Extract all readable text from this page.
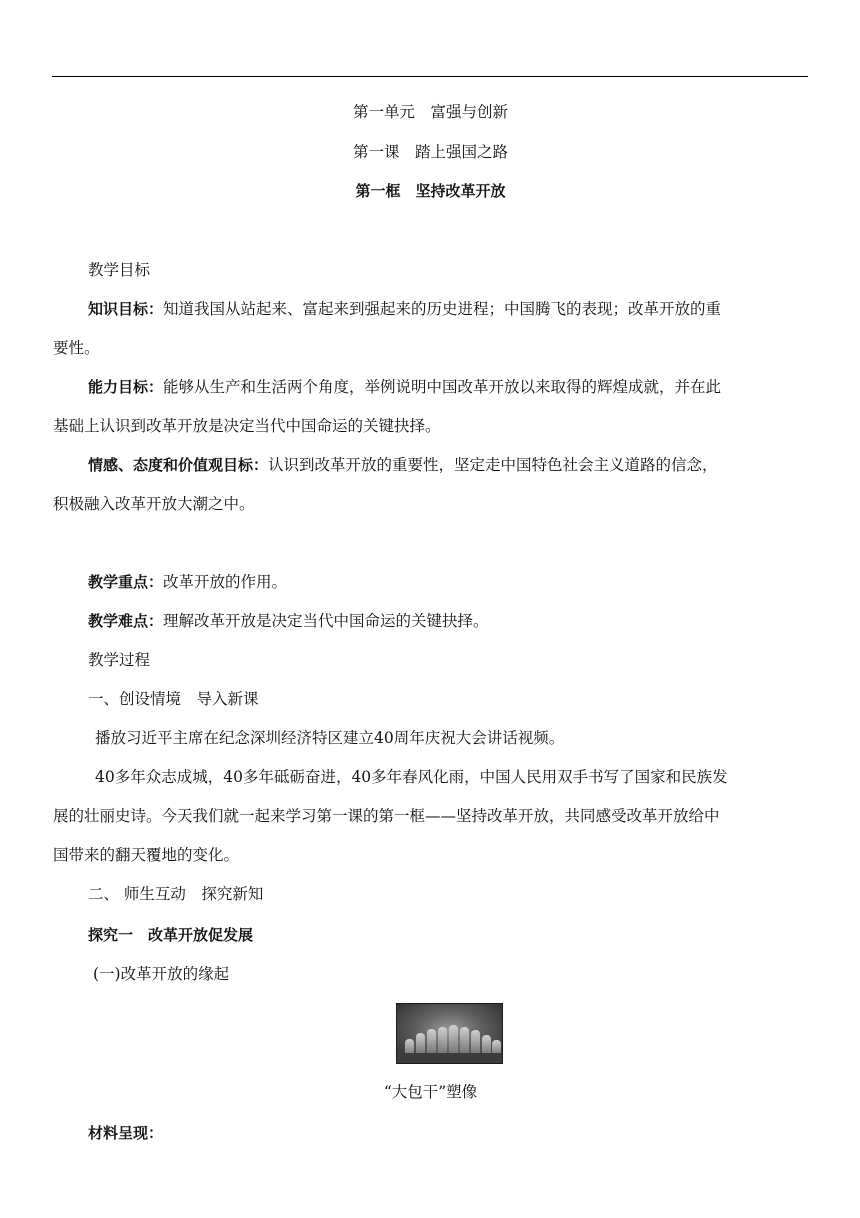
第一单元　富强与创新
第一课　踏上强国之路
第一框　坚持改革开放
教学目标
知识目标：知道我国从站起来、富起来到强起来的历史进程；中国腾飞的表现；改革开放的重
要性。
能力目标：能够从生产和生活两个角度，举例说明中国改革开放以来取得的辉煌成就，并在此
基础上认识到改革开放是决定当代中国命运的关键抉择。
情感、态度和价值观目标：认识到改革开放的重要性，坚定走中国特色社会主义道路的信念，
积极融入改革开放大潮之中。
教学重点：改革开放的作用。
教学难点：理解改革开放是决定当代中国命运的关键抉择。
教学过程
一、创设情境　导入新课
播放习近平主席在纪念深圳经济特区建立40周年庆祝大会讲话视频。
40多年众志成城，40多年砥砺奋进，40多年春风化雨，中国人民用双手书写了国家和民族发
展的壮丽史诗。今天我们就一起来学习第一课的第一框——坚持改革开放，共同感受改革开放给中
国带来的翻天覆地的变化。
二、 师生互动　探究新知
探究一　改革开放促发展
(一)改革开放的缘起
“大包干”塑像
材料呈现：
